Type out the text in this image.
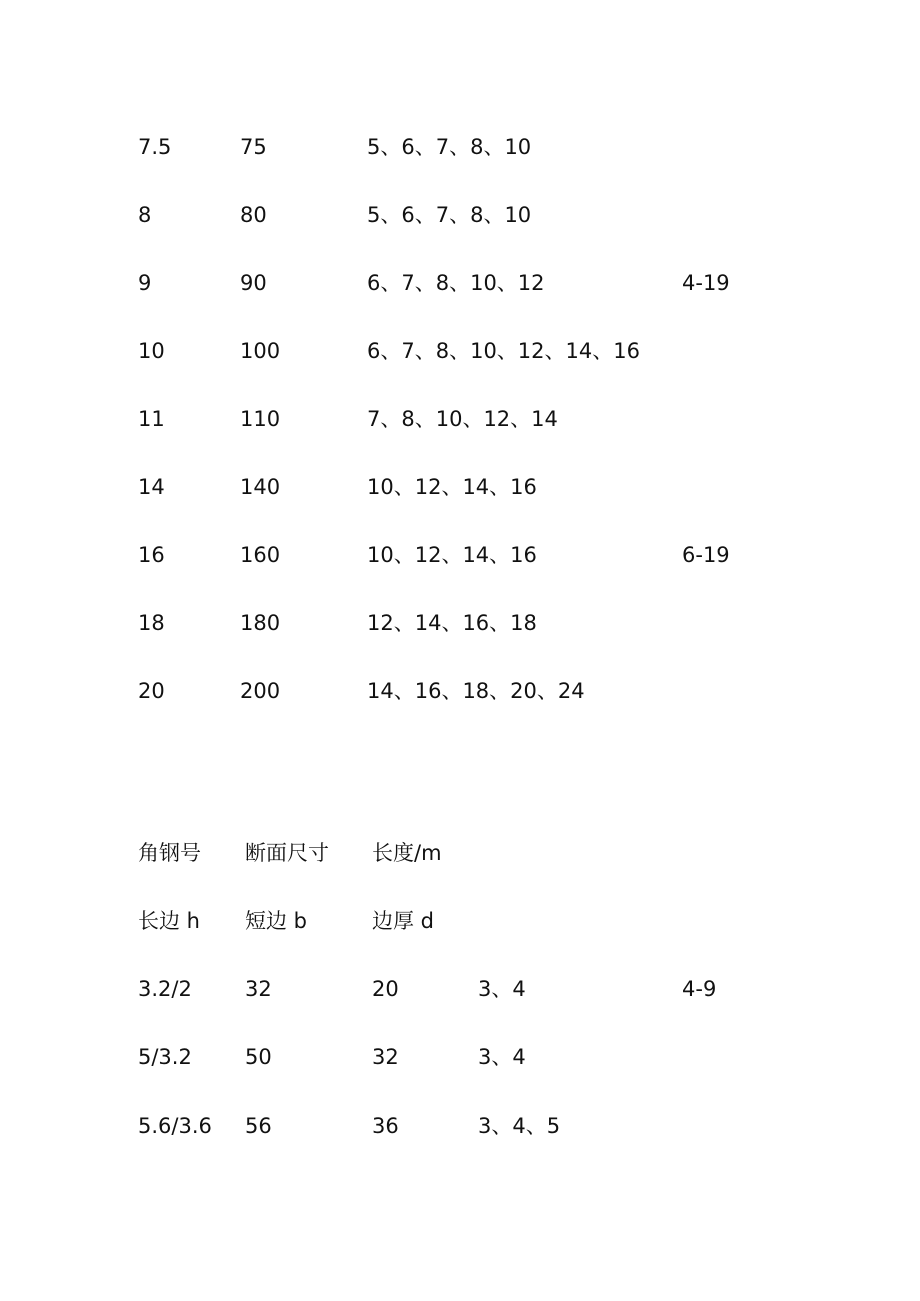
7.5	75	5、6、7、8、10
8	80	5、6、7、8、10
9	90	6、7、8、10、12	4-19
10	100	6、7、8、10、12、14、16
11	110	7、8、10、12、14
14	140	10、12、14、16
16	160	10、12、14、16	6-19
18	180	12、14、16、18
20	200	14、16、18、20、24
角钢号 断面尺寸 长度/m
长边 h 短边 b	边厚 d
3.2/2	32	20	3、4	4-9
5/3.2	50	32	3、4
5.6/3.6 56	36	3、4、5
